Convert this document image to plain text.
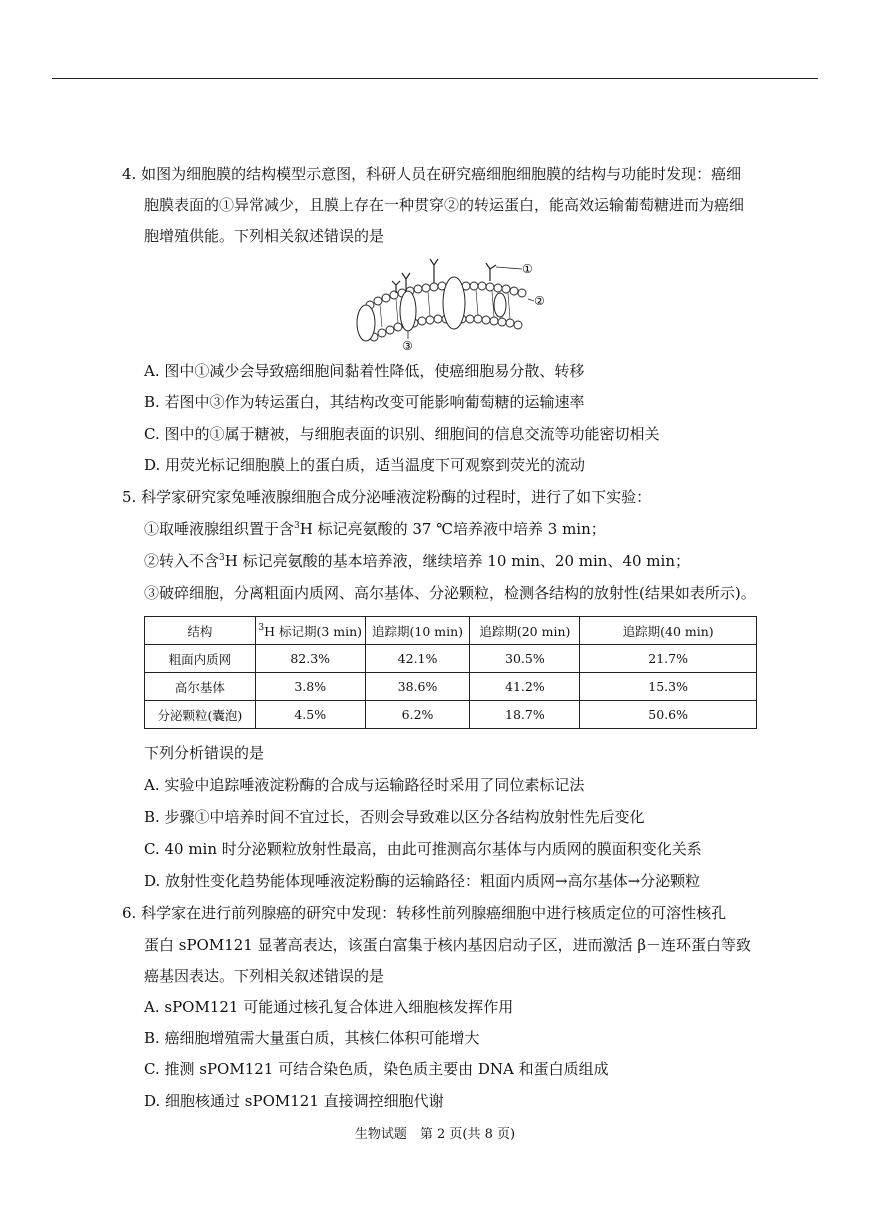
4. 如图为细胞膜的结构模型示意图，科研人员在研究癌细胞细胞膜的结构与功能时发现：癌细
胞膜表面的①异常减少，且膜上存在一种贯穿②的转运蛋白，能高效运输葡萄糖进而为癌细
胞增殖供能。下列相关叙述错误的是
①
②
③
A. 图中①减少会导致癌细胞间黏着性降低，使癌细胞易分散、转移
B. 若图中③作为转运蛋白，其结构改变可能影响葡萄糖的运输速率
C. 图中的①属于糖被，与细胞表面的识别、细胞间的信息交流等功能密切相关
D. 用荧光标记细胞膜上的蛋白质，适当温度下可观察到荧光的流动
5. 科学家研究家兔唾液腺细胞合成分泌唾液淀粉酶的过程时，进行了如下实验：
①取唾液腺组织置于含$^3$H 标记亮氨酸的 37 ℃培养液中培养 3 min；
②转入不含$^3$H 标记亮氨酸的基本培养液，继续培养 10 min、20 min、40 min；
③破碎细胞，分离粗面内质网、高尔基体、分泌颗粒，检测各结构的放射性(结果如表所示)。
结构	$^3$H 标记期(3 min)	追踪期(10 min)	追踪期(20 min)	追踪期(40 min)
粗面内质网	82.3%	42.1%	30.5%	21.7%
高尔基体	3.8%	38.6%	41.2%	15.3%
分泌颗粒(囊泡)	4.5%	6.2%	18.7%	50.6%
下列分析错误的是
A. 实验中追踪唾液淀粉酶的合成与运输路径时采用了同位素标记法
B. 步骤①中培养时间不宜过长，否则会导致难以区分各结构放射性先后变化
C. 40 min 时分泌颗粒放射性最高，由此可推测高尔基体与内质网的膜面积变化关系
D. 放射性变化趋势能体现唾液淀粉酶的运输路径：粗面内质网→高尔基体→分泌颗粒
6. 科学家在进行前列腺癌的研究中发现：转移性前列腺癌细胞中进行核质定位的可溶性核孔
蛋白 sPOM121 显著高表达，该蛋白富集于核内基因启动子区，进而激活 β－连环蛋白等致
癌基因表达。下列相关叙述错误的是
A. sPOM121 可能通过核孔复合体进入细胞核发挥作用
B. 癌细胞增殖需大量蛋白质，其核仁体积可能增大
C. 推测 sPOM121 可结合染色质，染色质主要由 DNA 和蛋白质组成
D. 细胞核通过 sPOM121 直接调控细胞代谢
生物试题　第 2 页(共 8 页)
